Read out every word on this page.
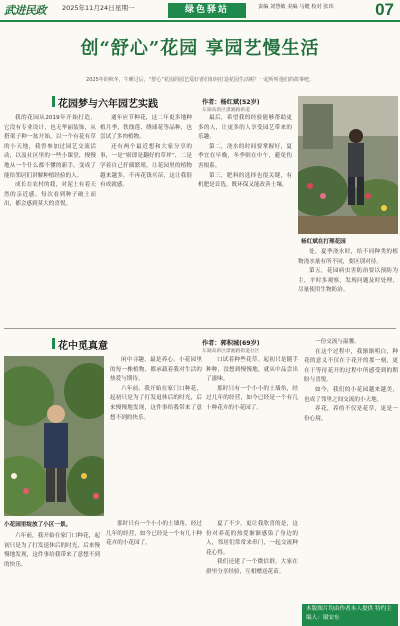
武进民政 2025年11月24日 星期一	绿色驿站	责编 刘慧敏 美编 马健 校对 张玮 07
创“舒心”花园 享园艺慢生活
2025年的秋冬，午睡过后，“舒心”花园的园艺爱好者们如何打造花园生活呢？一起听听他们的故事吧。
花园梦与六年园艺实践	作者：杨红斌(52岁)
东湖高新区潇湘路街道

我的花园从2019年开始打造，它没有专业设计，也无华丽装饰，从搭架子种一盆开始，以一个有花有草的小天地，我曾参加过园艺交流活动，以及社区里的一些小课堂，慢慢地从一个什么都不懂的新手，变成了能给邻居们讲解种植经验的人。

成长在农村的我，对泥土有着天然的亲近感。每次看到种子破土而出，都会感到莫大的喜悦。

通年应节种花，这二年更多地种植月季、铁线莲、绣球花等品种，也尝试了多肉植物。

还有两个最近想和大家分享的事，一是“则即是翻好的草坪”，二是学着自己扦插繁殖，让花园里的植物越来越多，不再花钱买苗，这让我很有成就感。

最后，希望我的经验能够帮助更多的人，让更多的人享受园艺带来的乐趣。

第二，浇水的时间要掌握好，夏季宜在早晚，冬季则在中午，避免伤害根系。

第三，肥料的选择也很关键，有机肥是首选，既环保又能改善土壤。

杨红斌在打理花园

处，夏季浇水时，给不同种类的植物浇水量有所不同，要区别对待。

第五，花园病虫害防治要以预防为主，平时多观察，发现问题及时处理，尽量使用生物防治。

花中觅真意	作者：郭积城(69岁)
东湖高新区潇湘路街道社区
小花园里绽放了小区一景。

闲中寻趣，最是养心。小花园里的每一株植物，都承载着我对生活的热爱与期待。

六年前，我开始在家门口种花，起初只是为了打发退休后的时光，后来慢慢地发现，这件事给我带来了意想不到的快乐。

口试着种些花草。起初只是随手种种，没想到慢慢地，就从中品尝出了滋味。

那时只有一个小小的土墙角，经过几年的经营，如今已经是一个有几十种花卉的小花园了。

六年前，我开始在家门口种花，起初只是为了打发退休后的时光，后来慢慢地发现，这件事给我带来了意想不到的快乐。

那时只有一个小小的土墙角，经过几年的经营，如今已经是一个有几十种花卉的小花园了。

夏了不少。更让我欣喜的是，这份对养花的热爱渐渐感染了身边的人，邻居们常常来串门，一起交流种花心得。

我们还建了一个微信群，大家在群里分享经验，互相赠送花苗。

一份交流与温馨。

在这个过程中，我渐渐明白，种花的意义不仅在于花开的那一刻，更在于等待花开的过程中所感受到的期盼与喜悦。

如今，我们的小花园越来越美，也成了邻里之间交流的小天地。

养花，养的不仅是花草，更是一份心境。

本版图片均由作者本人提供 特约主编人：谢安东
